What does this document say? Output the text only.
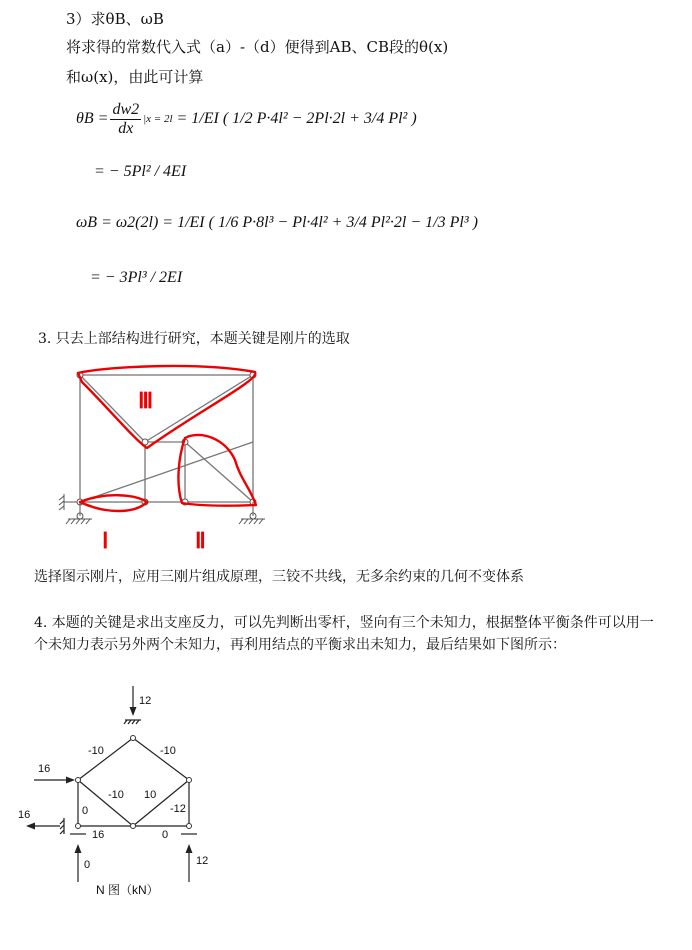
3）求θB、ωB
将求得的常数代入式（a）-（d）便得到AB、CB段的θ(x)
和ω(x)，由此可计算
$\theta B = \frac{dw2}{dx} |x = 2l = 1/EI$ ( 1/2 P·4l² − 2Pl·2l + 3/4 Pl² )
= − 5Pl² / 4EI
ωB = ω2(2l) = 1/EI ( 1/6 P·8l³ − Pl·4l² + 3/4 Pl²·2l − 1/3 Pl³ )
= − 3Pl³ / 2EI
3. 只去上部结构进行研究，本题关键是刚片的选取
Ⅲ
Ⅰ	Ⅱ
选择图示刚片，应用三刚片组成原理，三铰不共线，无多余约束的几何不变体系
4. 本题的关键是求出支座反力，可以先判断出零杆，竖向有三个未知力，根据整体平衡条件可以用一个未知力表示另外两个未知力，再利用结点的平衡求出未知力，最后结果如下图所示：
12
16
16
0	12
-10	-10
-10 10
-12
0
16	0
N 图（kN）
